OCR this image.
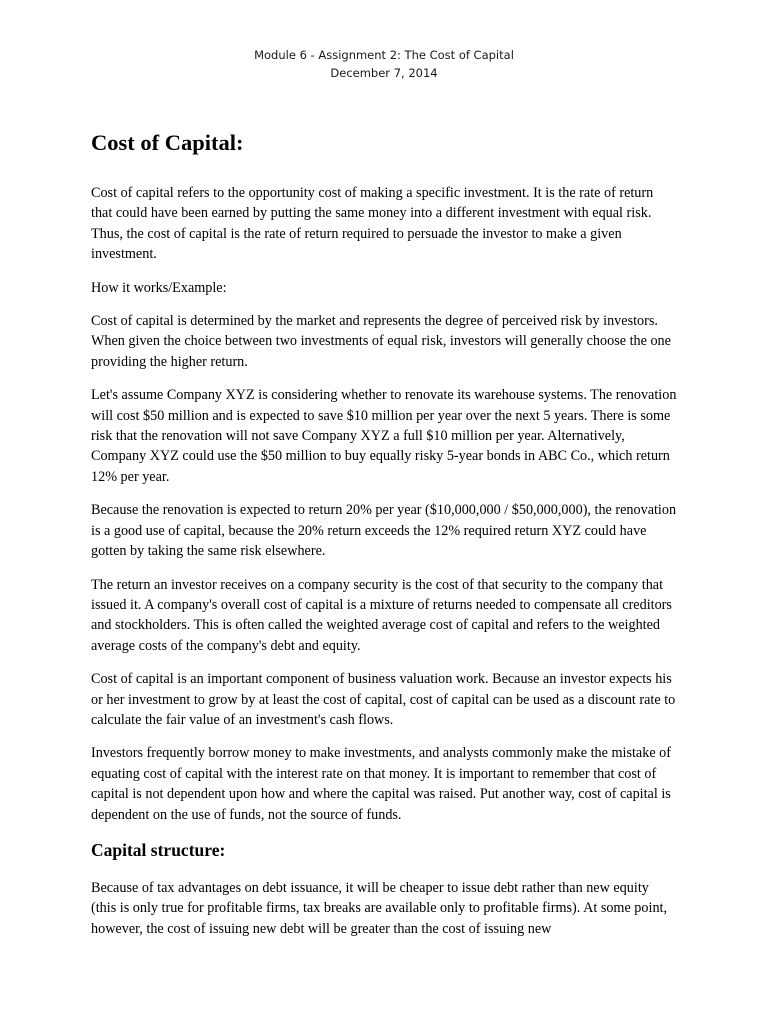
Module 6 - Assignment 2: The Cost of Capital
December 7, 2014
Cost of Capital:

Cost of capital refers to the opportunity cost of making a specific investment. It is the rate of return that could have been earned by putting the same money into a different investment with equal risk. Thus, the cost of capital is the rate of return required to persuade the investor to make a given investment.

How it works/Example:

Cost of capital is determined by the market and represents the degree of perceived risk by investors. When given the choice between two investments of equal risk, investors will generally choose the one providing the higher return.

Let's assume Company XYZ is considering whether to renovate its warehouse systems. The renovation will cost $50 million and is expected to save $10 million per year over the next 5 years. There is some risk that the renovation will not save Company XYZ a full $10 million per year. Alternatively, Company XYZ could use the $50 million to buy equally risky 5-year bonds in ABC Co., which return 12% per year.

Because the renovation is expected to return 20% per year ($10,000,000 / $50,000,000), the renovation is a good use of capital, because the 20% return exceeds the 12% required return XYZ could have gotten by taking the same risk elsewhere.

The return an investor receives on a company security is the cost of that security to the company that issued it. A company's overall cost of capital is a mixture of returns needed to compensate all creditors and stockholders. This is often called the weighted average cost of capital and refers to the weighted average costs of the company's debt and equity.

Cost of capital is an important component of business valuation work. Because an investor expects his or her investment to grow by at least the cost of capital, cost of capital can be used as a discount rate to calculate the fair value of an investment's cash flows.

Investors frequently borrow money to make investments, and analysts commonly make the mistake of equating cost of capital with the interest rate on that money. It is important to remember that cost of capital is not dependent upon how and where the capital was raised. Put another way, cost of capital is dependent on the use of funds, not the source of funds.

Capital structure:

Because of tax advantages on debt issuance, it will be cheaper to issue debt rather than new equity (this is only true for profitable firms, tax breaks are available only to profitable firms). At some point, however, the cost of issuing new debt will be greater than the cost of issuing new
